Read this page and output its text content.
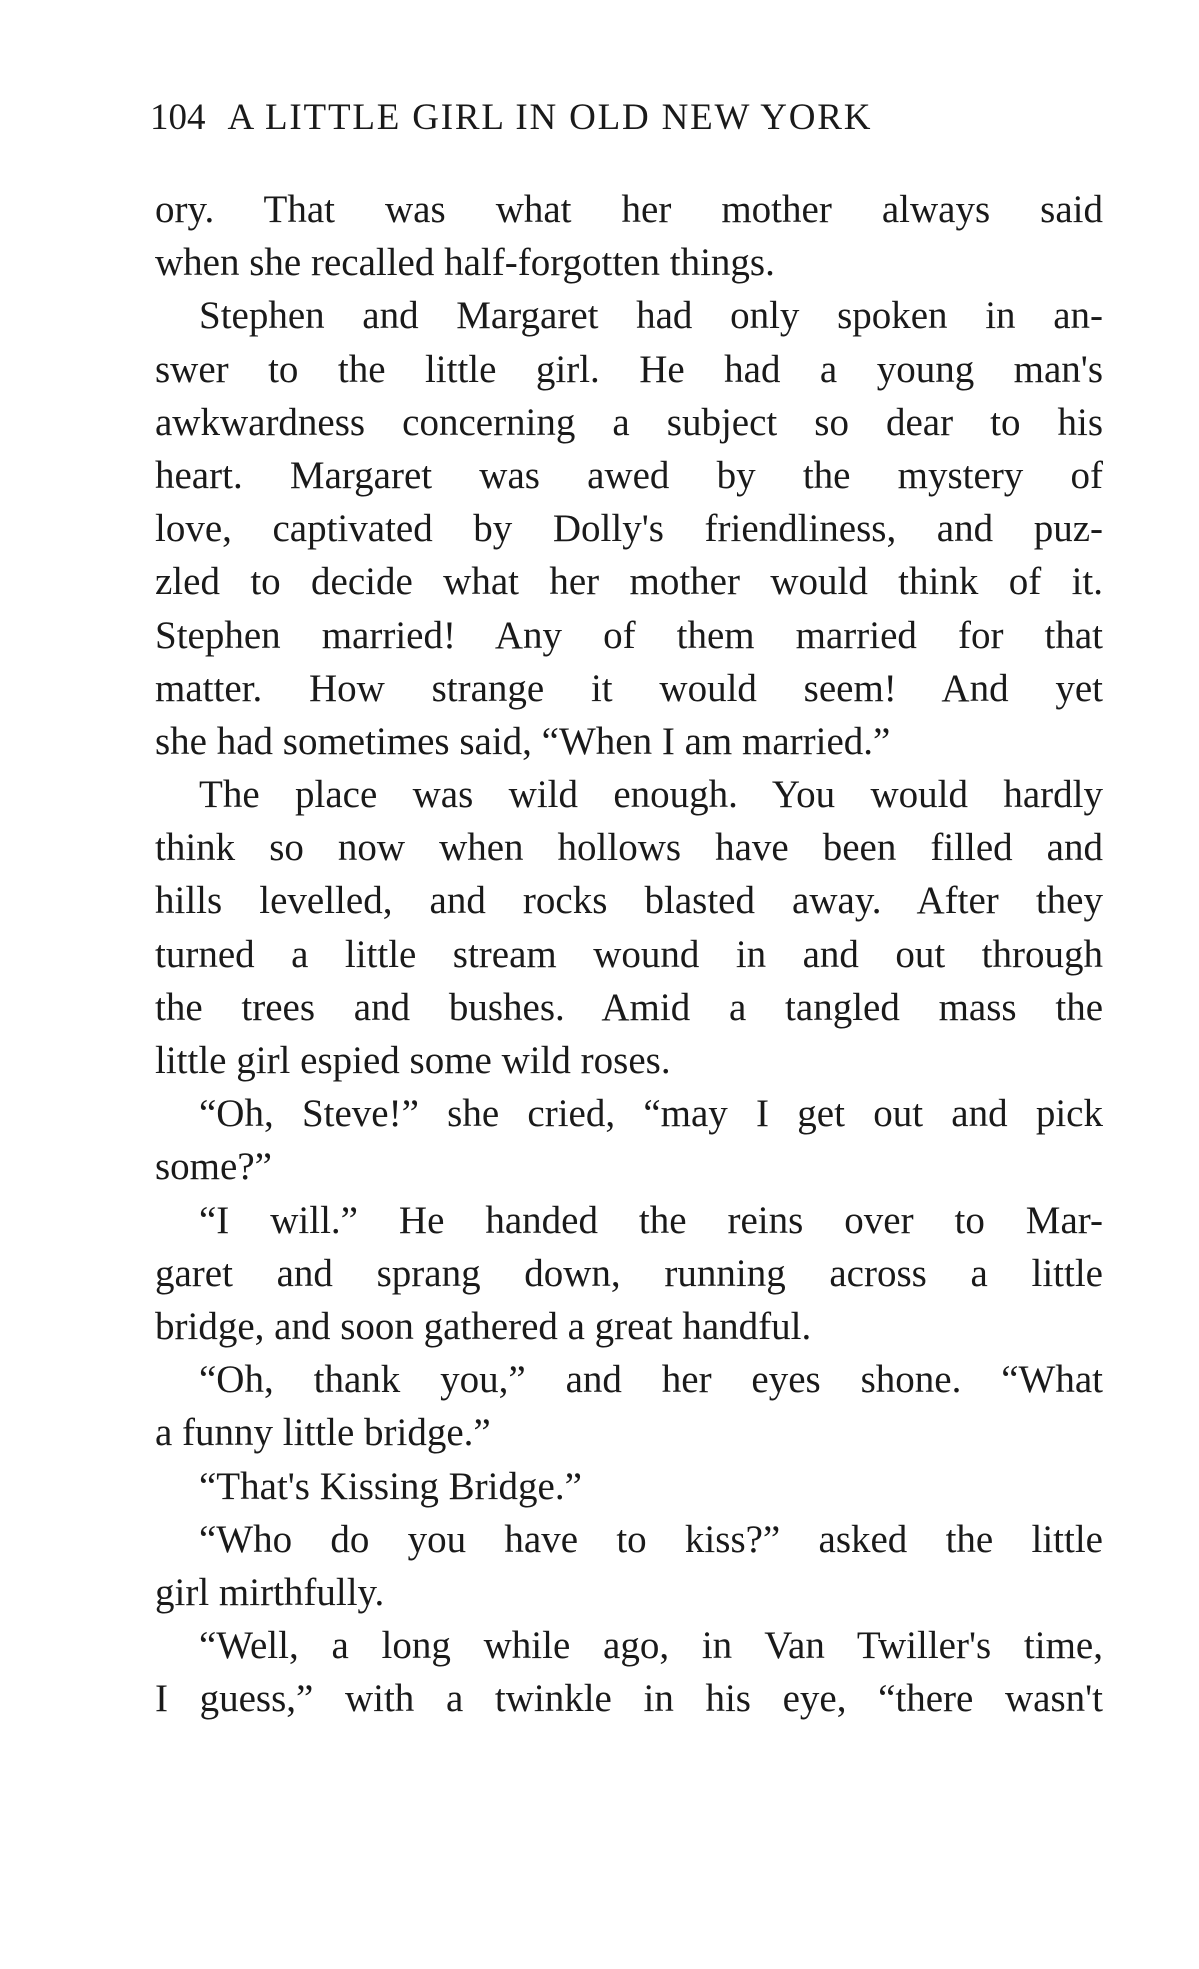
104 A LITTLE GIRL IN OLD NEW YORK
ory. That was what her mother always said
when she recalled half-forgotten things.
Stephen and Margaret had only spoken in an-
swer to the little girl. He had a young man's
awkwardness concerning a subject so dear to his
heart. Margaret was awed by the mystery of
love, captivated by Dolly's friendliness, and puz-
zled to decide what her mother would think of it.
Stephen married! Any of them married for that
matter. How strange it would seem! And yet
she had sometimes said, “When I am married.”
The place was wild enough. You would hardly
think so now when hollows have been filled and
hills levelled, and rocks blasted away. After they
turned a little stream wound in and out through
the trees and bushes. Amid a tangled mass the
little girl espied some wild roses.
“Oh, Steve!” she cried, “may I get out and pick
some?”
“I will.” He handed the reins over to Mar-
garet and sprang down, running across a little
bridge, and soon gathered a great handful.
“Oh, thank you,” and her eyes shone. “What
a funny little bridge.”
“That's Kissing Bridge.”
“Who do you have to kiss?” asked the little
girl mirthfully.
“Well, a long while ago, in Van Twiller's time,
I guess,” with a twinkle in his eye, “there wasn't
